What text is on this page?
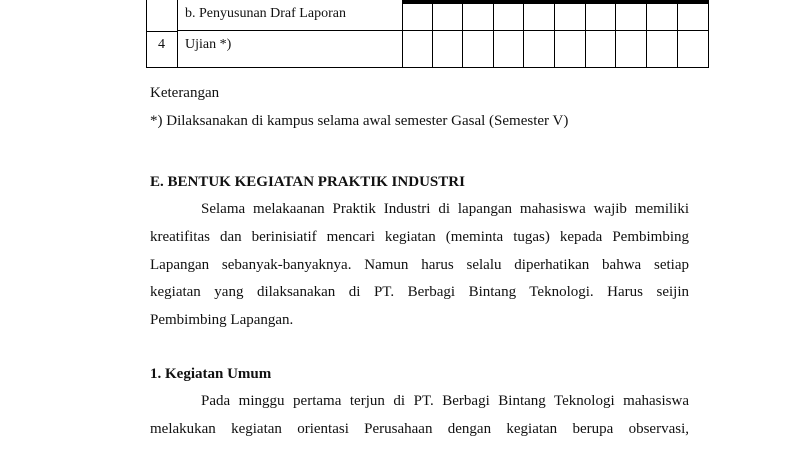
b. Penyusunan Draf Laporan
4 Ujian *)
Keterangan
*) Dilaksanakan di kampus selama awal semester Gasal (Semester V)
E. BENTUK KEGIATAN PRAKTIK INDUSTRI
Selama melakaanan Praktik Industri di lapangan mahasiswa wajib memiliki
kreatifitas dan berinisiatif mencari kegiatan (meminta tugas) kepada Pembimbing
Lapangan sebanyak-banyaknya. Namun harus selalu diperhatikan bahwa setiap
kegiatan yang dilaksanakan di PT. Berbagi Bintang Teknologi. Harus seijin
Pembimbing Lapangan.
1. Kegiatan Umum
Pada minggu pertama terjun di PT. Berbagi Bintang Teknologi mahasiswa
melakukan kegiatan orientasi Perusahaan dengan kegiatan berupa observasi,
